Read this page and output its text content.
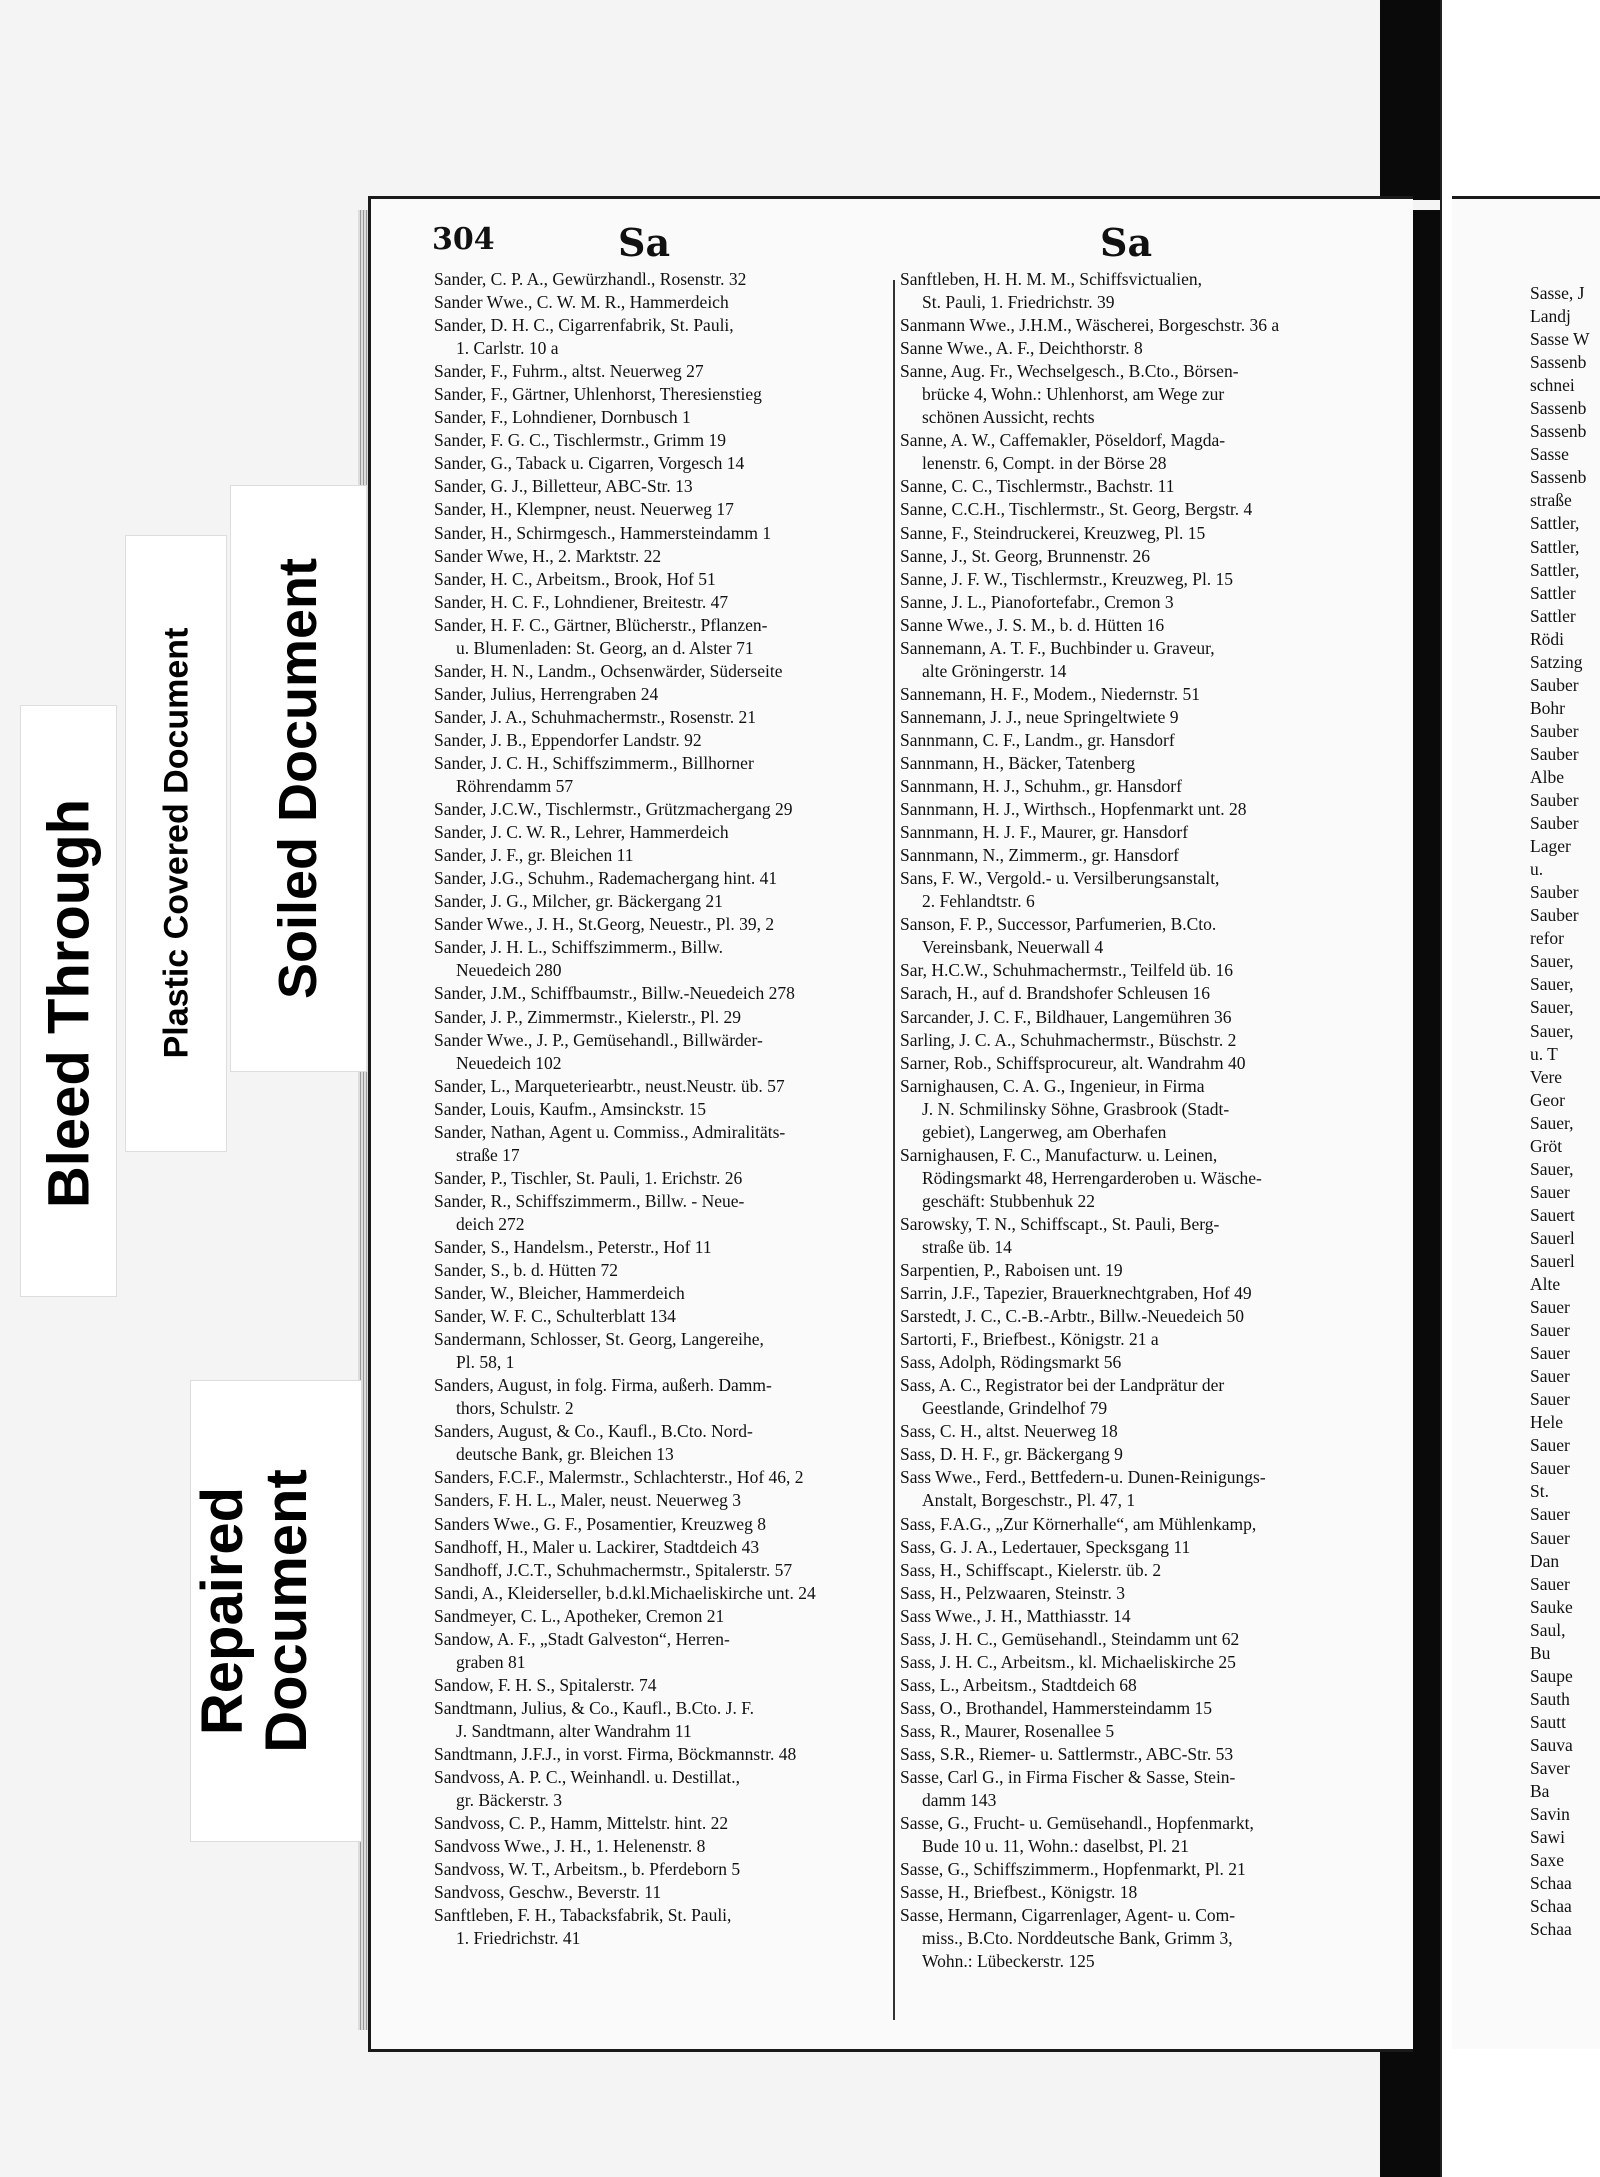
304	Sa	Sa
Sander, C. P. A., Gewürzhandl., Rosenstr. 32
Sander Wwe., C. W. M. R., Hammerdeich
Sander, D. H. C., Cigarrenfabrik, St. Pauli,
1. Carlstr. 10 a
Sander, F., Fuhrm., altst. Neuerweg 27
Sander, F., Gärtner, Uhlenhorst, Theresienstieg
Sander, F., Lohndiener, Dornbusch 1
Sander, F. G. C., Tischlermstr., Grimm 19
Sander, G., Taback u. Cigarren, Vorgesch 14
Sander, G. J., Billetteur, ABC-Str. 13
Sander, H., Klempner, neust. Neuerweg 17
Sander, H., Schirmgesch., Hammersteindamm 1
Sander Wwe, H., 2. Marktstr. 22
Sander, H. C., Arbeitsm., Brook, Hof 51
Sander, H. C. F., Lohndiener, Breitestr. 47
Sander, H. F. C., Gärtner, Blücherstr., Pflanzen-
u. Blumenladen: St. Georg, an d. Alster 71
Sander, H. N., Landm., Ochsenwärder, Süderseite
Sander, Julius, Herrengraben 24
Sander, J. A., Schuhmachermstr., Rosenstr. 21
Sander, J. B., Eppendorfer Landstr. 92
Sander, J. C. H., Schiffszimmerm., Billhorner
Röhrendamm 57
Sander, J.C.W., Tischlermstr., Grützmachergang 29
Sander, J. C. W. R., Lehrer, Hammerdeich
Sander, J. F., gr. Bleichen 11
Sander, J.G., Schuhm., Rademachergang hint. 41
Sander, J. G., Milcher, gr. Bäckergang 21
Sander Wwe., J. H., St.Georg, Neuestr., Pl. 39, 2
Sander, J. H. L., Schiffszimmerm., Billw.
Neuedeich 280
Sander, J.M., Schiffbaumstr., Billw.-Neuedeich 278
Sander, J. P., Zimmermstr., Kielerstr., Pl. 29
Sander Wwe., J. P., Gemüsehandl., Billwärder-
Neuedeich 102
Sander, L., Marqueteriearbtr., neust.Neustr. üb. 57
Sander, Louis, Kaufm., Amsinckstr. 15
Sander, Nathan, Agent u. Commiss., Admiralitäts-
straße 17
Sander, P., Tischler, St. Pauli, 1. Erichstr. 26
Sander, R., Schiffszimmerm., Billw. - Neue-
deich 272
Sander, S., Handelsm., Peterstr., Hof 11
Sander, S., b. d. Hütten 72
Sander, W., Bleicher, Hammerdeich
Sander, W. F. C., Schulterblatt 134
Sandermann, Schlosser, St. Georg, Langereihe,
Pl. 58, 1
Sanders, August, in folg. Firma, außerh. Damm-
thors, Schulstr. 2
Sanders, August, & Co., Kaufl., B.Cto. Nord-
deutsche Bank, gr. Bleichen 13
Sanders, F.C.F., Malermstr., Schlachterstr., Hof 46, 2
Sanders, F. H. L., Maler, neust. Neuerweg 3
Sanders Wwe., G. F., Posamentier, Kreuzweg 8
Sandhoff, H., Maler u. Lackirer, Stadtdeich 43
Sandhoff, J.C.T., Schuhmachermstr., Spitalerstr. 57
Sandi, A., Kleiderseller, b.d.kl.Michaeliskirche unt. 24
Sandmeyer, C. L., Apotheker, Cremon 21
Sandow, A. F., „Stadt Galveston“, Herren-
graben 81
Sandow, F. H. S., Spitalerstr. 74
Sandtmann, Julius, & Co., Kaufl., B.Cto. J. F.
J. Sandtmann, alter Wandrahm 11
Sandtmann, J.F.J., in vorst. Firma, Böckmannstr. 48
Sandvoss, A. P. C., Weinhandl. u. Destillat.,
gr. Bäckerstr. 3
Sandvoss, C. P., Hamm, Mittelstr. hint. 22
Sandvoss Wwe., J. H., 1. Helenenstr. 8
Sandvoss, W. T., Arbeitsm., b. Pferdeborn 5
Sandvoss, Geschw., Beverstr. 11
Sanftleben, F. H., Tabacksfabrik, St. Pauli,
1. Friedrichstr. 41
Sanftleben, H. H. M. M., Schiffsvictualien,
St. Pauli, 1. Friedrichstr. 39
Sanmann Wwe., J.H.M., Wäscherei, Borgeschstr. 36 a
Sanne Wwe., A. F., Deichthorstr. 8
Sanne, Aug. Fr., Wechselgesch., B.Cto., Börsen-
brücke 4, Wohn.: Uhlenhorst, am Wege zur
schönen Aussicht, rechts
Sanne, A. W., Caffemakler, Pöseldorf, Magda-
lenenstr. 6, Compt. in der Börse 28
Sanne, C. C., Tischlermstr., Bachstr. 11
Sanne, C.C.H., Tischlermstr., St. Georg, Bergstr. 4
Sanne, F., Steindruckerei, Kreuzweg, Pl. 15
Sanne, J., St. Georg, Brunnenstr. 26
Sanne, J. F. W., Tischlermstr., Kreuzweg, Pl. 15
Sanne, J. L., Pianofortefabr., Cremon 3
Sanne Wwe., J. S. M., b. d. Hütten 16
Sannemann, A. T. F., Buchbinder u. Graveur,
alte Gröningerstr. 14
Sannemann, H. F., Modem., Niedernstr. 51
Sannemann, J. J., neue Springeltwiete 9
Sannmann, C. F., Landm., gr. Hansdorf
Sannmann, H., Bäcker, Tatenberg
Sannmann, H. J., Schuhm., gr. Hansdorf
Sannmann, H. J., Wirthsch., Hopfenmarkt unt. 28
Sannmann, H. J. F., Maurer, gr. Hansdorf
Sannmann, N., Zimmerm., gr. Hansdorf
Sans, F. W., Vergold.- u. Versilberungsanstalt,
2. Fehlandtstr. 6
Sanson, F. P., Successor, Parfumerien, B.Cto.
Vereinsbank, Neuerwall 4
Sar, H.C.W., Schuhmachermstr., Teilfeld üb. 16
Sarach, H., auf d. Brandshofer Schleusen 16
Sarcander, J. C. F., Bildhauer, Langemühren 36
Sarling, J. C. A., Schuhmachermstr., Büschstr. 2
Sarner, Rob., Schiffsprocureur, alt. Wandrahm 40
Sarnighausen, C. A. G., Ingenieur, in Firma
J. N. Schmilinsky Söhne, Grasbrook (Stadt-
gebiet), Langerweg, am Oberhafen
Sarnighausen, F. C., Manufacturw. u. Leinen,
Rödingsmarkt 48, Herrengarderoben u. Wäsche-
geschäft: Stubbenhuk 22
Sarowsky, T. N., Schiffscapt., St. Pauli, Berg-
straße üb. 14
Sarpentien, P., Raboisen unt. 19
Sarrin, J.F., Tapezier, Brauerknechtgraben, Hof 49
Sarstedt, J. C., C.-B.-Arbtr., Billw.-Neuedeich 50
Sartorti, F., Briefbest., Königstr. 21 a
Sass, Adolph, Rödingsmarkt 56
Sass, A. C., Registrator bei der Landprätur der
Geestlande, Grindelhof 79
Sass, C. H., altst. Neuerweg 18
Sass, D. H. F., gr. Bäckergang 9
Sass Wwe., Ferd., Bettfedern-u. Dunen-Reinigungs-
Anstalt, Borgeschstr., Pl. 47, 1
Sass, F.A.G., „Zur Körnerhalle“, am Mühlenkamp,
Sass, G. J. A., Ledertauer, Specksgang 11
Sass, H., Schiffscapt., Kielerstr. üb. 2
Sass, H., Pelzwaaren, Steinstr. 3
Sass Wwe., J. H., Matthiasstr. 14
Sass, J. H. C., Gemüsehandl., Steindamm unt 62
Sass, J. H. C., Arbeitsm., kl. Michaeliskirche 25
Sass, L., Arbeitsm., Stadtdeich 68
Sass, O., Brothandel, Hammersteindamm 15
Sass, R., Maurer, Rosenallee 5
Sass, S.R., Riemer- u. Sattlermstr., ABC-Str. 53
Sasse, Carl G., in Firma Fischer & Sasse, Stein-
damm 143
Sasse, G., Frucht- u. Gemüsehandl., Hopfenmarkt,
Bude 10 u. 11, Wohn.: daselbst, Pl. 21
Sasse, G., Schiffszimmerm., Hopfenmarkt, Pl. 21
Sasse, H., Briefbest., Königstr. 18
Sasse, Hermann, Cigarrenlager, Agent- u. Com-
miss., B.Cto. Norddeutsche Bank, Grimm 3,
Wohn.: Lübeckerstr. 125
Sasse, J
Landj
Sasse W
Sassenb
schnei
Sassenb
Sassenb
Sasse
Sassenb
straße
Sattler,
Sattler,
Sattler,
Sattler
Sattler
Rödi
Satzing
Sauber
Bohr
Sauber
Sauber
Albe
Sauber
Sauber
Lager
u.
Sauber
Sauber
refor
Sauer,
Sauer,
Sauer,
Sauer,
u. T
Vere
Geor
Sauer,
Gröt
Sauer,
Sauer
Sauert
Sauerl
Sauerl
Alte
Sauer
Sauer
Sauer
Sauer
Sauer
Hele
Sauer
Sauer
St.
Sauer
Sauer
Dan
Sauer
Sauke
Saul,
Bu
Saupe
Sauth
Sautt
Sauva
Saver
Ba
Savin
Sawi
Saxe
Schaa
Schaa
Schaa
Bleed Through	Plastic Covered Document	Soiled Document
Repaired
Document
